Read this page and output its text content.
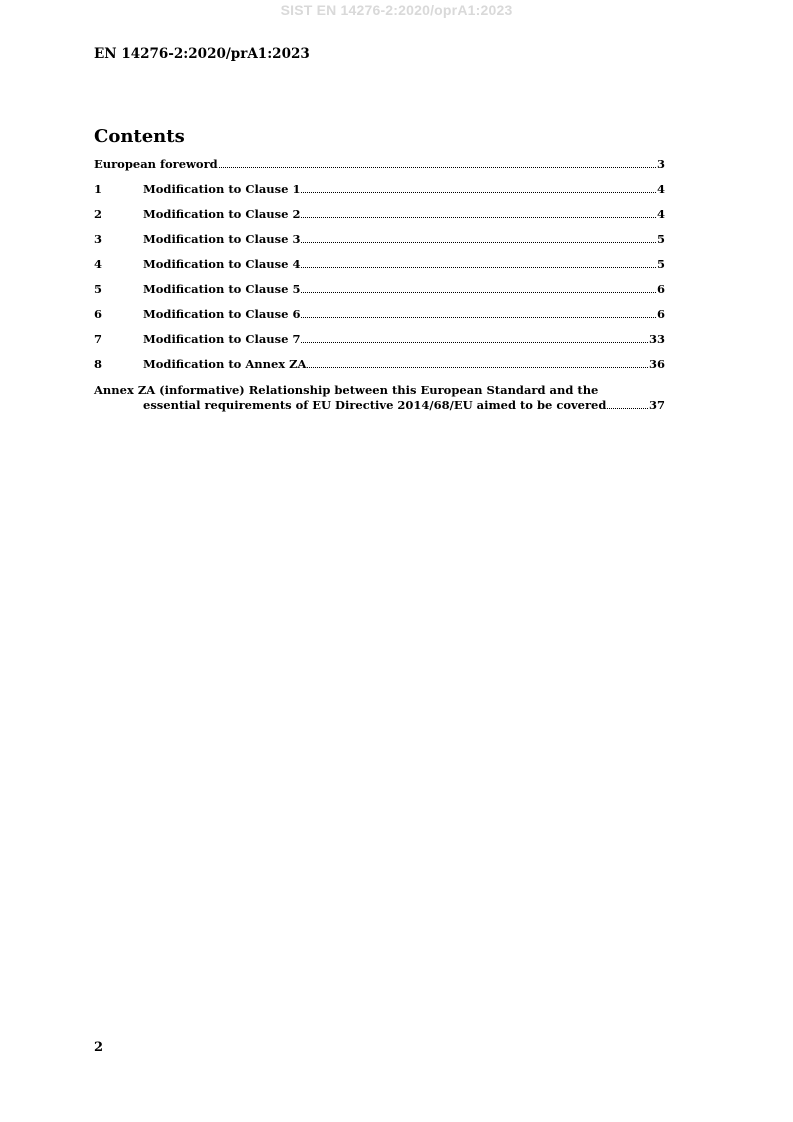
SIST EN 14276-2:2020/oprA1:2023
EN 14276-2:2020/prA1:2023
Contents
European foreword	3
1	Modification to Clause 1	4
2	Modification to Clause 2	4
3	Modification to Clause 3	5
4	Modification to Clause 4	5
5	Modification to Clause 5	6
6	Modification to Clause 6	6
7	Modification to Clause 7	33
8	Modification to Annex ZA	36
Annex ZA (informative) Relationship between this European Standard and the
essential requirements of EU Directive 2014/68/EU aimed to be covered	37
2
